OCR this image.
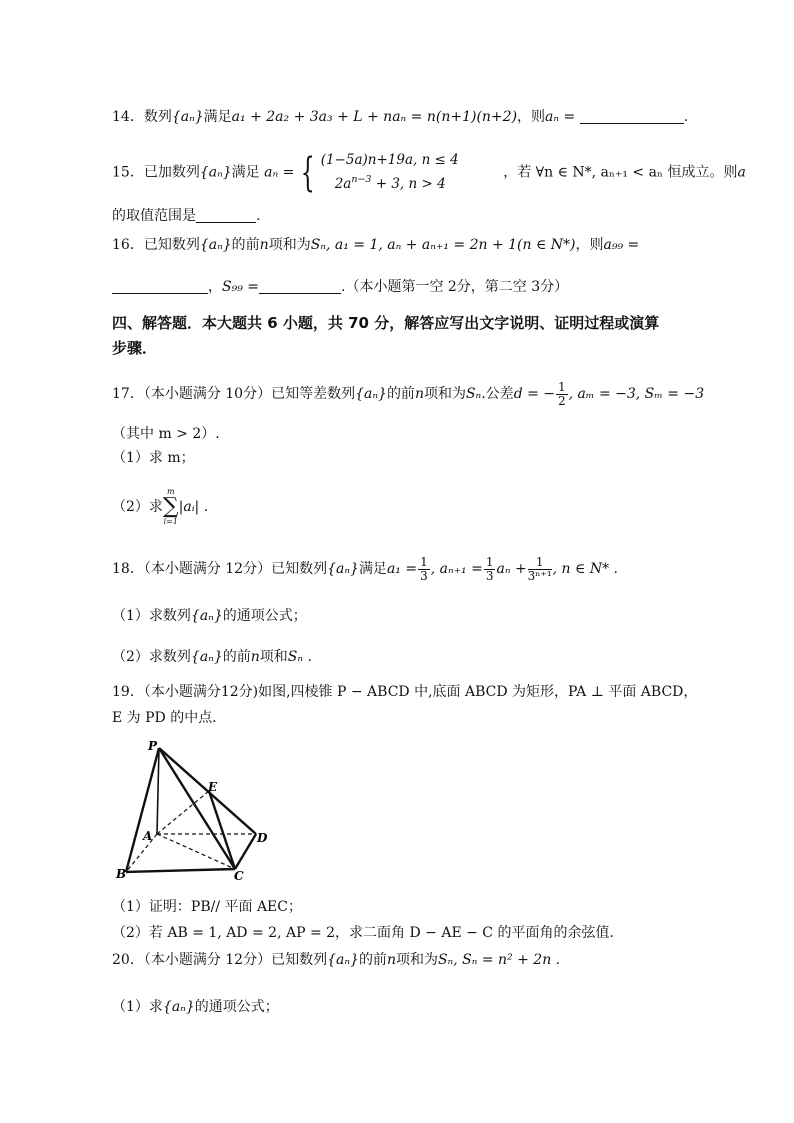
14．数列{aₙ}满足a₁ + 2a₂ + 3a₃ + L + naₙ = n(n+1)(n+2)，则aₙ =	.
15．已加数列{aₙ}满足 aₙ = { (1−5a)n+19a, n ≤ 4
$2a^{n-3} + 3$, n > 4
，若 ∀n ∈ N*, aₙ₊₁ < aₙ 恒成立。则a
的取值范围是	.
16．已知数列{aₙ}的前n项和为Sₙ, a₁ = 1, aₙ + aₙ₊₁ = 2n + 1(n ∈ N*)，则a₉₉ =
，S₉₉ =	.（本小题第一空 2分，第二空 3分）
四、解答题．本大题共 6 小题，共 70 分，解答应写出文字说明、证明过程或演算
步骤．
17．（本小题满分 10分）已知等差数列{aₙ}的前n项和为Sₙ.公差d = − $\frac{1}{2}$ , aₘ = −3, Sₘ = −3
（其中 m > 2）.
（1）求 m；
（2）求
m
∑
i=1
|aᵢ| .
18．（本小题满分 12分）已知数列{aₙ}满足$a_1 = \frac{1}{3}$ , $a_{n+1} = \frac{1}{3}$ $a_n + \frac{1}{\text{3ⁿ⁺¹}}$ , n ∈ N* .
（1）求数列{aₙ}的通项公式；
（2）求数列{aₙ}的前n项和Sₙ .
19．（本小题满分12分)如图,四棱锥 P − ABCD 中,底面 ABCD 为矩形，PA ⊥ 平面 ABCD，
E 为 PD 的中点．
P
E
A	D
B	C
（1）证明：PB// 平面 AEC；
（2）若 AB = 1, AD = 2, AP = 2，求二面角 D − AE − C 的平面角的余弦值．
20．（本小题满分 12分）已知数列{aₙ}的前n项和为Sₙ, Sₙ = n² + 2n .
（1）求{aₙ}的通项公式；
